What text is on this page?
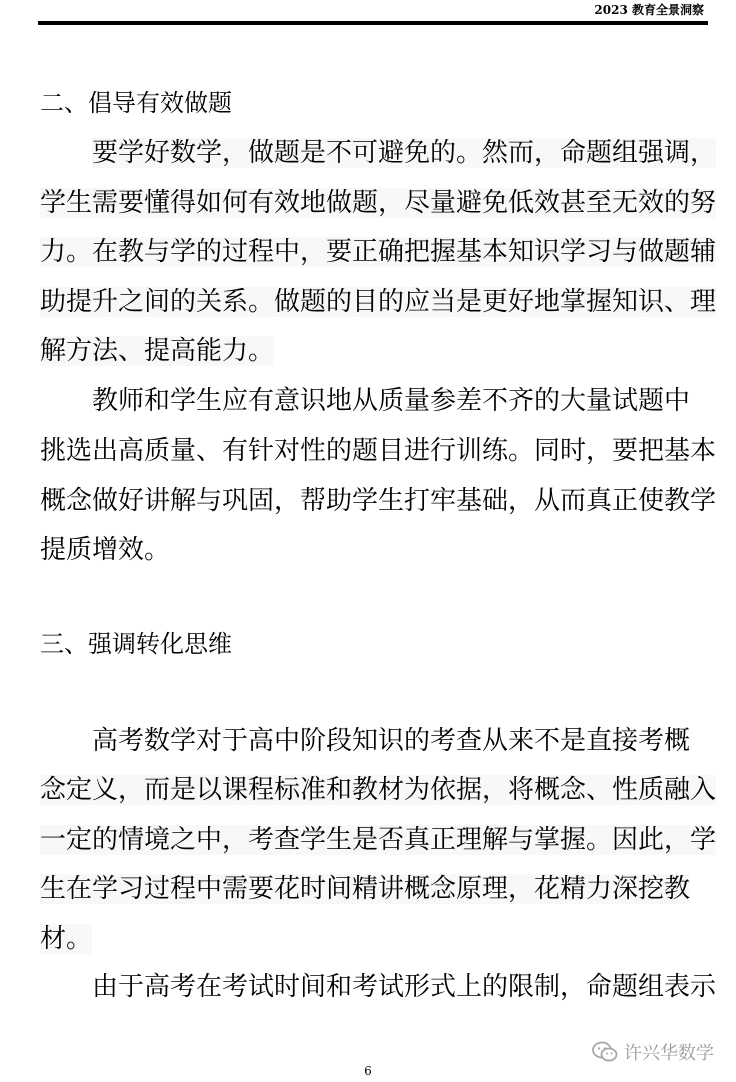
2023 教育全景洞察
二、倡导有效做题

要学好数学，做题是不可避免的。然而，命题组强调，

学生需要懂得如何有效地做题，尽量避免低效甚至无效的努

力。在教与学的过程中，要正确把握基本知识学习与做题辅

助提升之间的关系。做题的目的应当是更好地掌握知识、理

解方法、提高能力。

教师和学生应有意识地从质量参差不齐的大量试题中

挑选出高质量、有针对性的题目进行训练。同时，要把基本

概念做好讲解与巩固，帮助学生打牢基础，从而真正使教学

提质增效。

三、强调转化思维

高考数学对于高中阶段知识的考查从来不是直接考概

念定义，而是以课程标准和教材为依据，将概念、性质融入

一定的情境之中，考查学生是否真正理解与掌握。因此，学

生在学习过程中需要花时间精讲概念原理，花精力深挖教

材。

由于高考在考试时间和考试形式上的限制，命题组表示

许兴华数学
6
